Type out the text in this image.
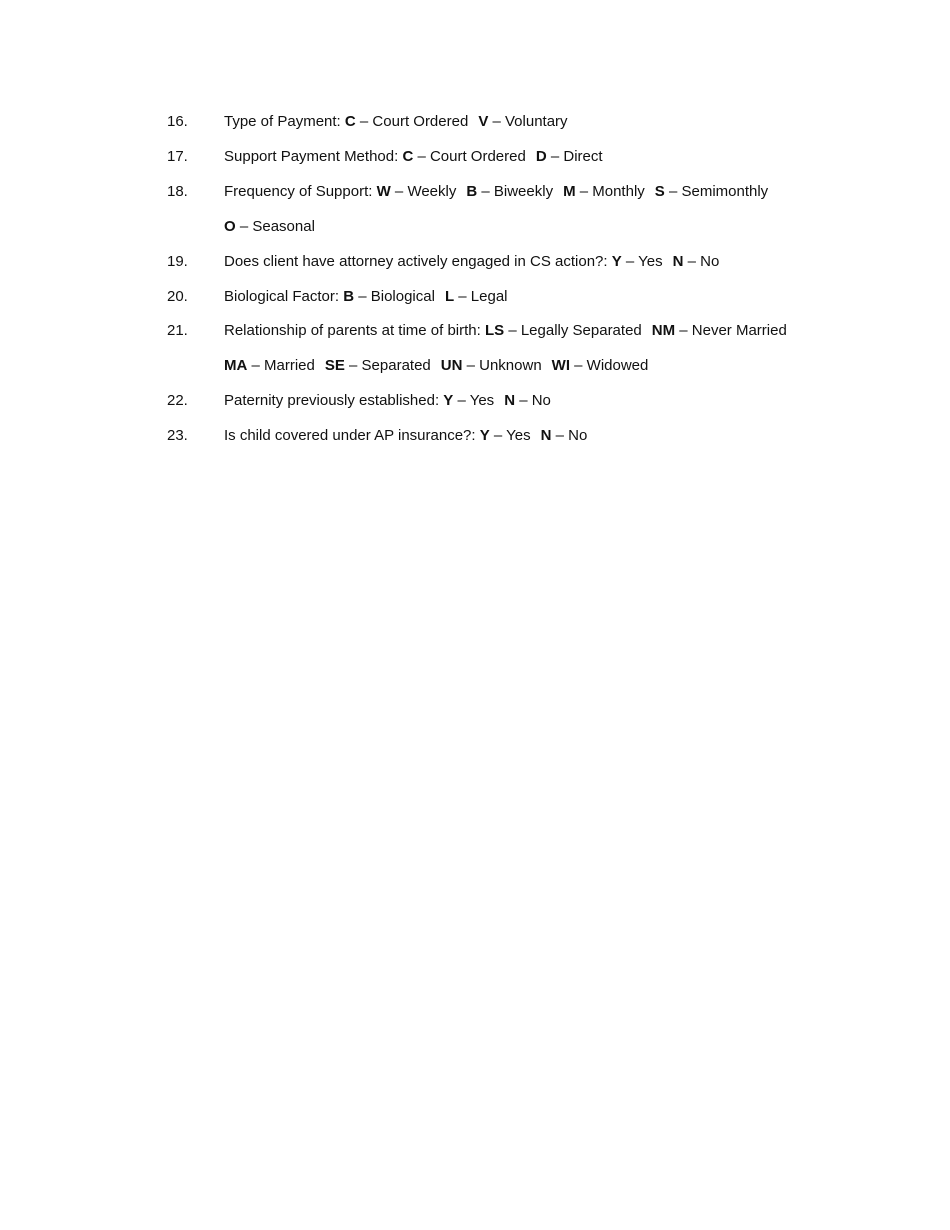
16. Type of Payment: C – Court Ordered V – Voluntary
17. Support Payment Method: C – Court Ordered D – Direct
18. Frequency of Support: W – Weekly B – Biweekly M – Monthly S – Semimonthly
O – Seasonal
19. Does client have attorney actively engaged in CS action?: Y – Yes N – No
20. Biological Factor: B – Biological L – Legal
21. Relationship of parents at time of birth: LS – Legally Separated NM – Never Married
MA – Married SE – Separated UN – Unknown WI – Widowed
22. Paternity previously established: Y – Yes N – No
23. Is child covered under AP insurance?: Y – Yes N – No
